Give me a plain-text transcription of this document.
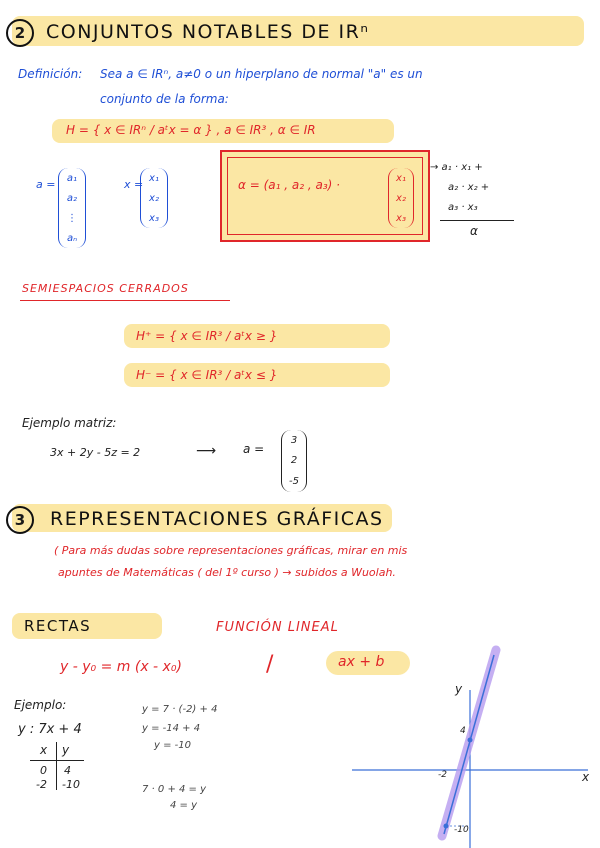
2	CONJUNTOS NOTABLES DE IRⁿ
Definición: Sea a ∈ IRⁿ, a≠0 o un hiperplano de normal "a" es un
conjunto de la forma:
H = { x ∈ IRⁿ / aᵗx = α } , a ∈ IR³ , α ∈ IR
a = a₁
a₂
⋮
aₙ
x = x₁
x₂
x₃
α = (a₁ , a₂ , a₃) ·	x₁
x₂
x₃
→ a₁ · x₁ +
a₂ · x₂ +
a₃ · x₃
α
SEMIESPACIOS CERRADOS
H⁺ = { x ∈ IR³ / aᵗx ≥ }
H⁻ = { x ∈ IR³ / aᵗx ≤ }
Ejemplo matriz:
3x + 2y - 5z = 2	⟶ a =
3
2
-5
3	REPRESENTACIONES GRÁFICAS
( Para más dudas sobre representaciones gráficas, mirar en mis
apuntes de Matemáticas ( del 1º curso ) → subidos a Wuolah.
RECTAS	FUNCIÓN LINEAL
y - y₀ = m (x - x₀)	/	ax + b
Ejemplo:
y : 7x + 4
x y
0 4
-2 -10
y = 7 · (-2) + 4
y = -14 + 4
y = -10
7 · 0 + 4 = y
4 = y
y
x
4
-2
-10
